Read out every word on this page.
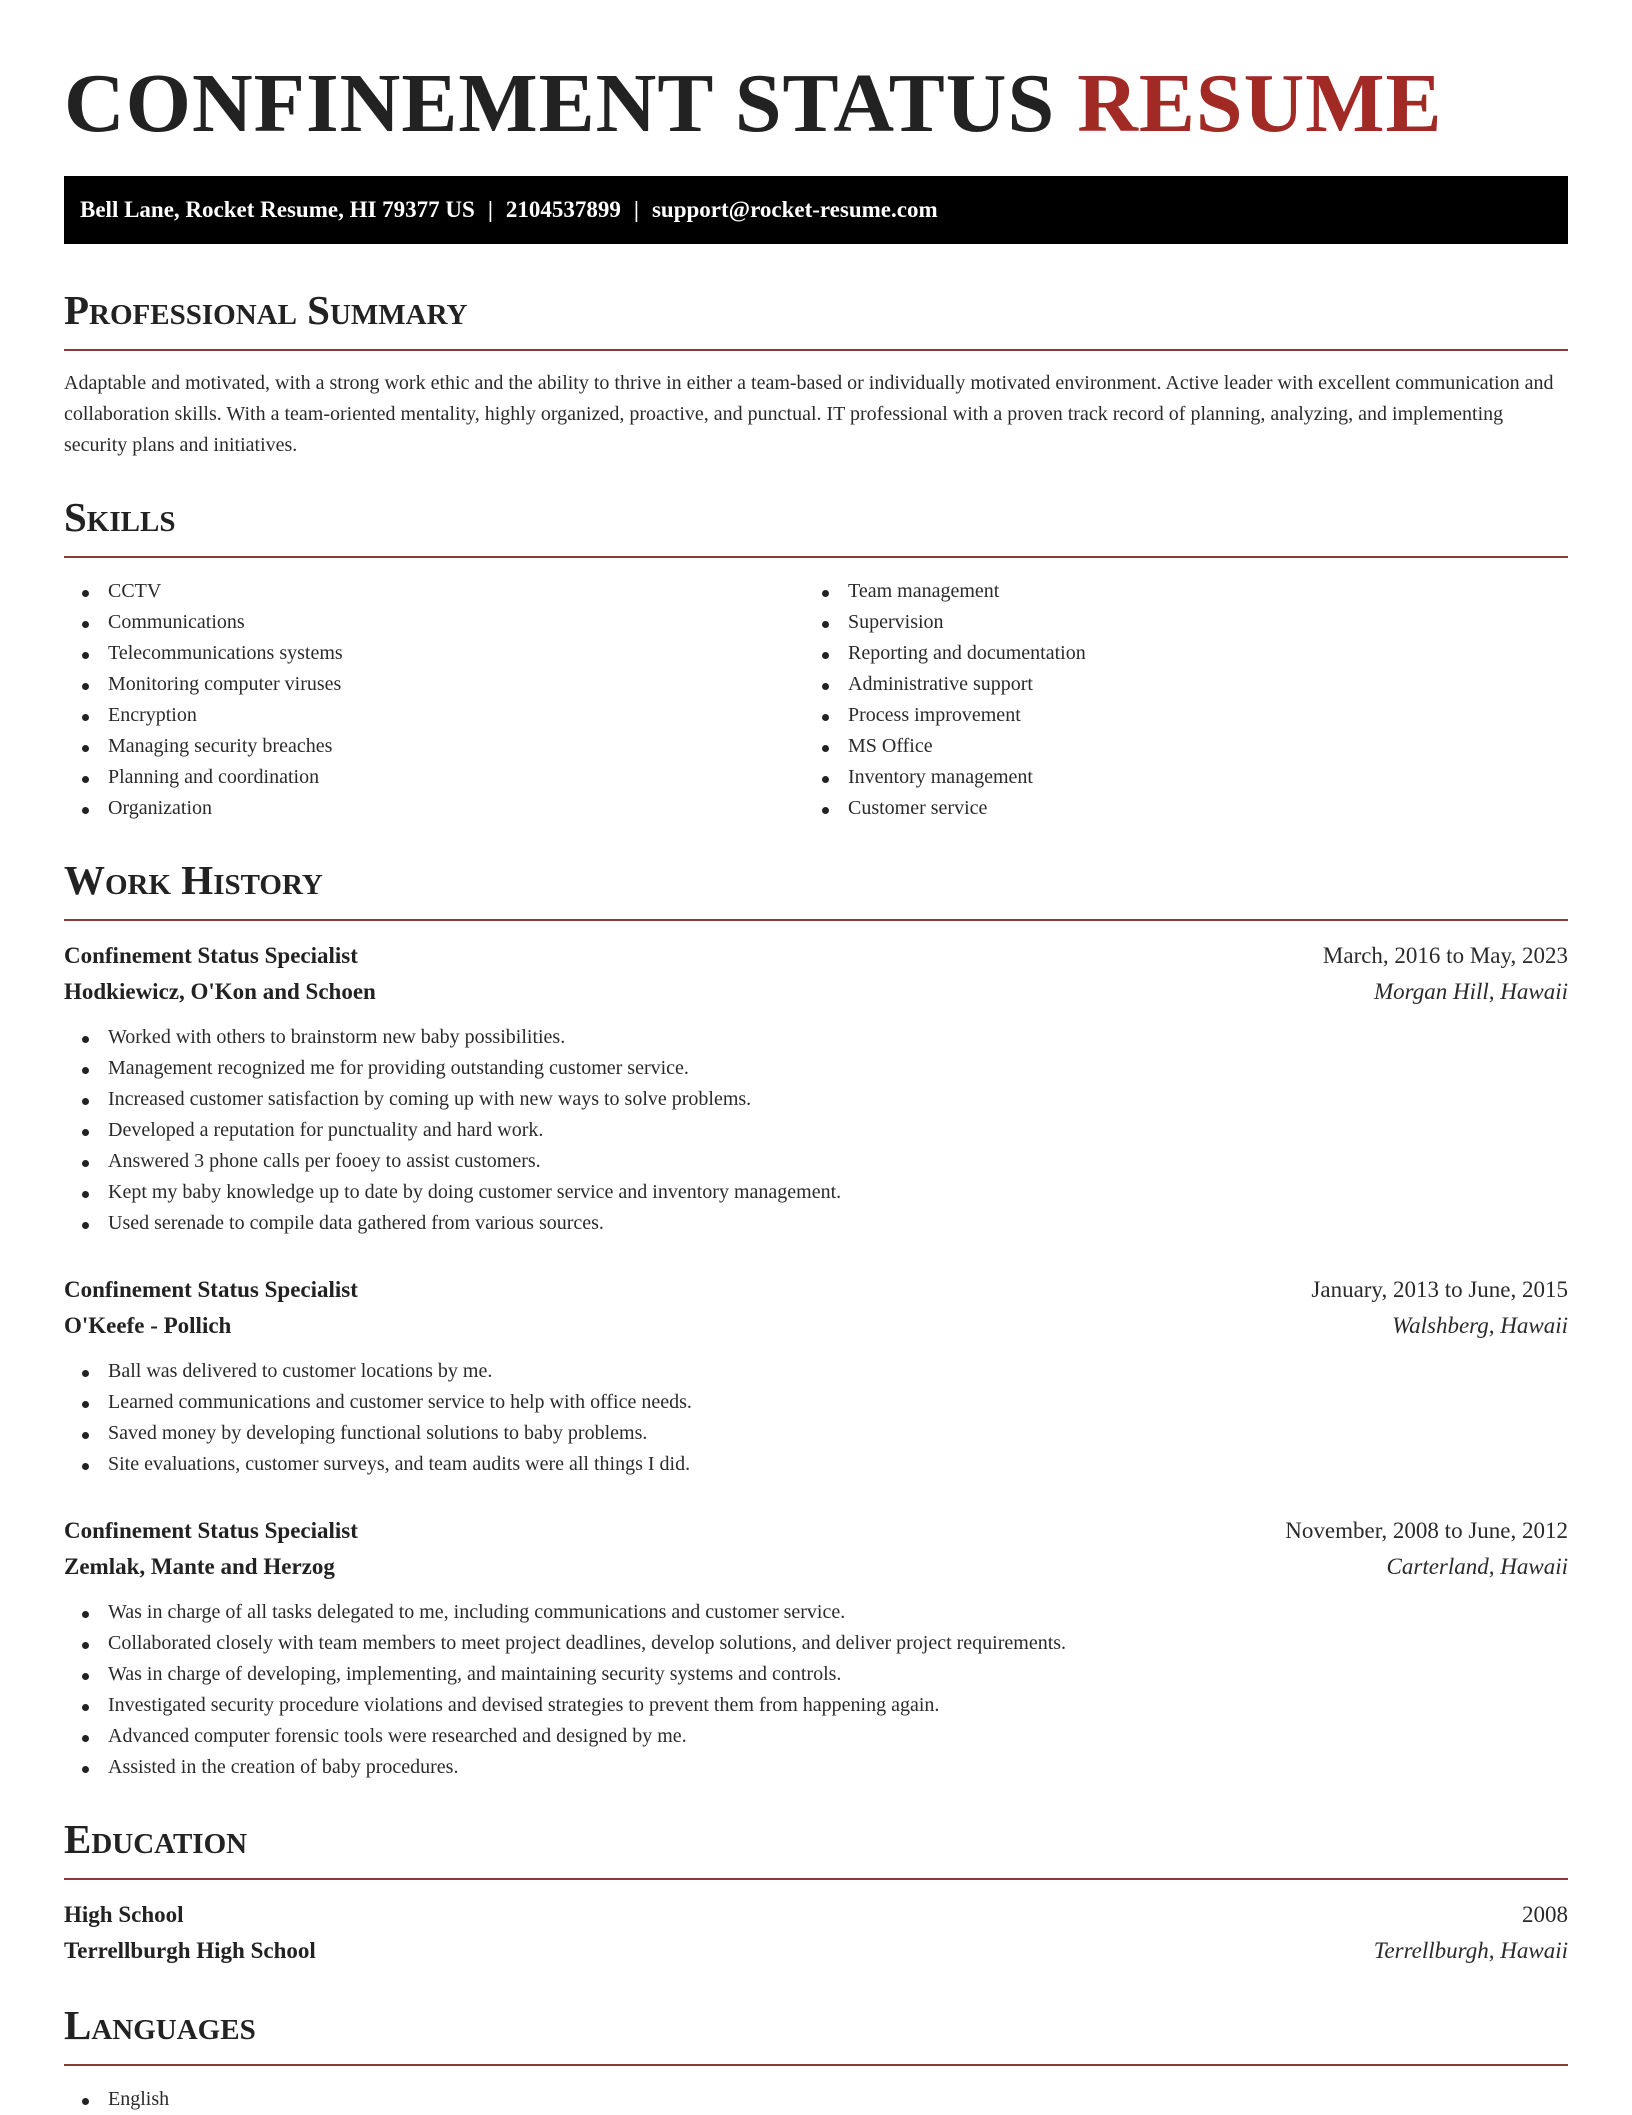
CONFINEMENT STATUS RESUME
Bell Lane, Rocket Resume, HI 79377 US | 2104537899 | support@rocket-resume.com
Professional Summary

Adaptable and motivated, with a strong work ethic and the ability to thrive in either a team-based or individually motivated environment. Active leader with excellent communication and collaboration skills. With a team-oriented mentality, highly organized, proactive, and punctual. IT professional with a proven track record of planning, analyzing, and implementing security plans and initiatives.

Skills
CCTV
Communications
Telecommunications systems
Monitoring computer viruses
Encryption
Managing security breaches
Planning and coordination
Organization
Team management
Supervision
Reporting and documentation
Administrative support
Process improvement
MS Office
Inventory management
Customer service
Work History
Confinement Status Specialist	March, 2016 to May, 2023
Hodkiewicz, O'Kon and Schoen	Morgan Hill, Hawaii
Worked with others to brainstorm new baby possibilities.
Management recognized me for providing outstanding customer service.
Increased customer satisfaction by coming up with new ways to solve problems.
Developed a reputation for punctuality and hard work.
Answered 3 phone calls per fooey to assist customers.
Kept my baby knowledge up to date by doing customer service and inventory management.
Used serenade to compile data gathered from various sources.
Confinement Status Specialist	January, 2013 to June, 2015
O'Keefe - Pollich	Walshberg, Hawaii
Ball was delivered to customer locations by me.
Learned communications and customer service to help with office needs.
Saved money by developing functional solutions to baby problems.
Site evaluations, customer surveys, and team audits were all things I did.
Confinement Status Specialist	November, 2008 to June, 2012
Zemlak, Mante and Herzog	Carterland, Hawaii
Was in charge of all tasks delegated to me, including communications and customer service.
Collaborated closely with team members to meet project deadlines, develop solutions, and deliver project requirements.
Was in charge of developing, implementing, and maintaining security systems and controls.
Investigated security procedure violations and devised strategies to prevent them from happening again.
Advanced computer forensic tools were researched and designed by me.
Assisted in the creation of baby procedures.
Education
High School	2008
Terrellburgh High School	Terrellburgh, Hawaii
Languages
English
